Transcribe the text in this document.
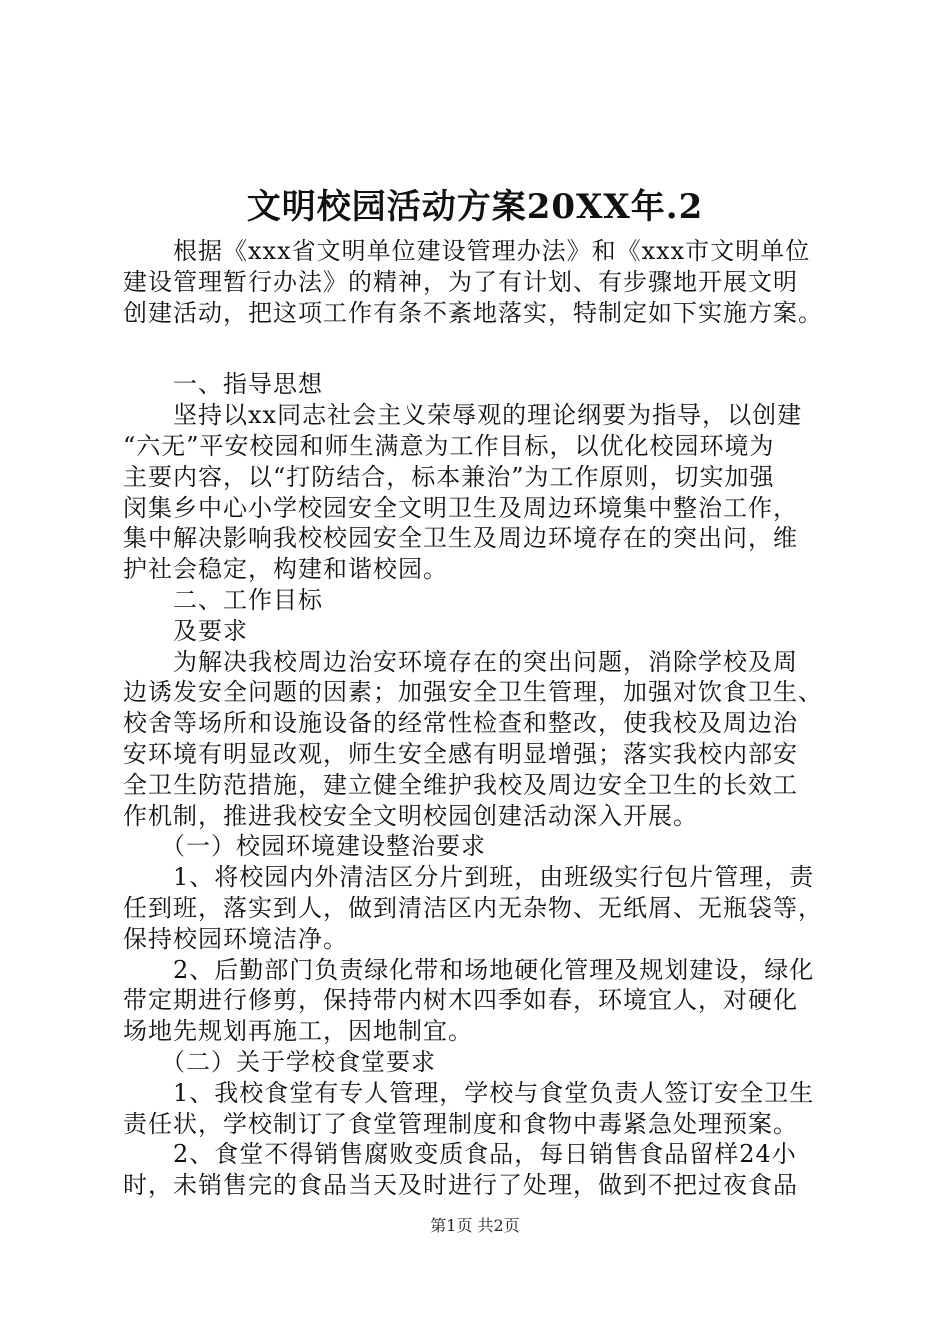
文明校园活动方案20XX年.2
　　根据《xxx省文明单位建设管理办法》和《xxx市文明单位
建设管理暂行办法》的精神，为了有计划、有步骤地开展文明
创建活动，把这项工作有条不紊地落实，特制定如下实施方案。
　　一、指导思想
　　坚持以xx同志社会主义荣辱观的理论纲要为指导，以创建
“六无”平安校园和师生满意为工作目标，以优化校园环境为
主要内容，以“打防结合，标本兼治”为工作原则，切实加强
闵集乡中心小学校园安全文明卫生及周边环境集中整治工作，
集中解决影响我校校园安全卫生及周边环境存在的突出问，维
护社会稳定，构建和谐校园。
　　二、工作目标
　　及要求
　　为解决我校周边治安环境存在的突出问题，消除学校及周
边诱发安全问题的因素；加强安全卫生管理，加强对饮食卫生、
校舍等场所和设施设备的经常性检查和整改，使我校及周边治
安环境有明显改观，师生安全感有明显增强；落实我校内部安
全卫生防范措施，建立健全维护我校及周边安全卫生的长效工
作机制，推进我校安全文明校园创建活动深入开展。
　　（一）校园环境建设整治要求
　　1、将校园内外清洁区分片到班，由班级实行包片管理，责
任到班，落实到人，做到清洁区内无杂物、无纸屑、无瓶袋等，
保持校园环境洁净。
　　2、后勤部门负责绿化带和场地硬化管理及规划建设，绿化
带定期进行修剪，保持带内树木四季如春，环境宜人，对硬化
场地先规划再施工，因地制宜。
　　（二）关于学校食堂要求
　　1、我校食堂有专人管理，学校与食堂负责人签订安全卫生
责任状，学校制订了食堂管理制度和食物中毒紧急处理预案。
　　2、食堂不得销售腐败变质食品，每日销售食品留样24小
时，未销售完的食品当天及时进行了处理，做到不把过夜食品
第1页 共2页
